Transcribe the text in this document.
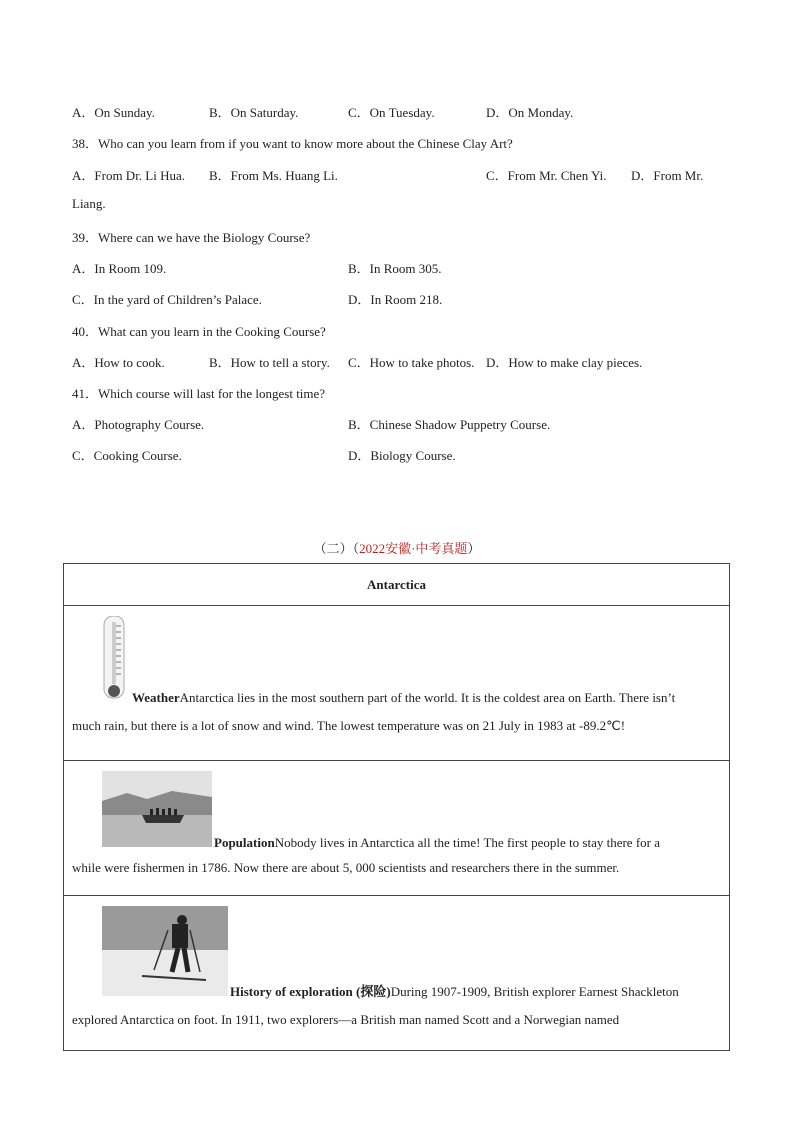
A．On Sunday.	B．On Saturday.	C．On Tuesday.	D．On Monday.
38．Who can you learn from if you want to know more about the Chinese Clay Art?
A．From Dr. Li Hua. B．From Ms. Huang Li.	C．From Mr. Chen Yi. D．From Mr.
Liang.
39．Where can we have the Biology Course?
A．In Room 109.	B．In Room 305.
C．In the yard of Children’s Palace.	D．In Room 218.
40．What can you learn in the Cooking Course?
A．How to cook.	B．How to tell a story. C．How to take photos. D．How to make clay pieces.
41．Which course will last for the longest time?
A．Photography Course.	B．Chinese Shadow Puppetry Course.
C．Cooking Course.	D．Biology Course.
（二）（2022安徽·中考真题）
Antarctica

WeatherAntarctica lies in the most southern part of the world. It is the coldest area on Earth. There isn’t
much rain, but there is a lot of snow and wind. The lowest temperature was on 21 July in 1983 at -89.2℃!

PopulationNobody lives in Antarctica all the time! The first people to stay there for a
while were fishermen in 1786. Now there are about 5, 000 scientists and researchers there in the summer.

History of exploration (探险)During 1907-1909, British explorer Earnest Shackleton
explored Antarctica on foot. In 1911, two explorers—a British man named Scott and a Norwegian named
